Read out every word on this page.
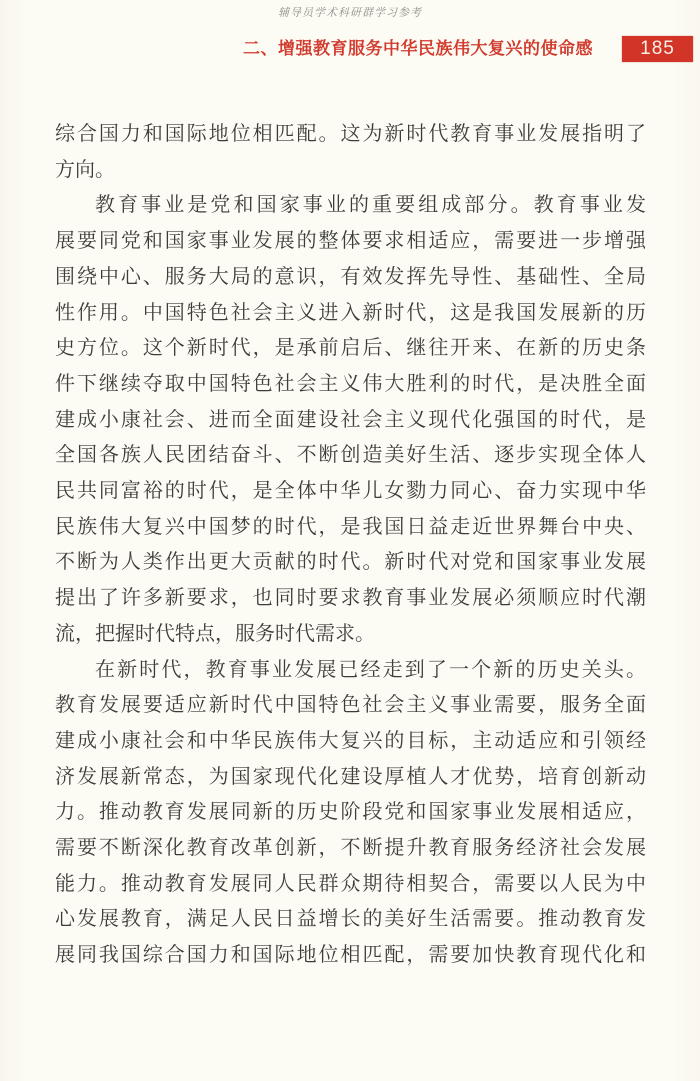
辅导员学术科研群学习参考
二、增强教育服务中华民族伟大复兴的使命感 185
综合国力和国际地位相匹配。这为新时代教育事业发展指明了
方向。
教育事业是党和国家事业的重要组成部分。教育事业发
展要同党和国家事业发展的整体要求相适应，需要进一步增强
围绕中心、服务大局的意识，有效发挥先导性、基础性、全局
性作用。中国特色社会主义进入新时代，这是我国发展新的历
史方位。这个新时代，是承前启后、继往开来、在新的历史条
件下继续夺取中国特色社会主义伟大胜利的时代，是决胜全面
建成小康社会、进而全面建设社会主义现代化强国的时代，是
全国各族人民团结奋斗、不断创造美好生活、逐步实现全体人
民共同富裕的时代，是全体中华儿女勠力同心、奋力实现中华
民族伟大复兴中国梦的时代，是我国日益走近世界舞台中央、
不断为人类作出更大贡献的时代。新时代对党和国家事业发展
提出了许多新要求，也同时要求教育事业发展必须顺应时代潮
流，把握时代特点，服务时代需求。
在新时代，教育事业发展已经走到了一个新的历史关头。
教育发展要适应新时代中国特色社会主义事业需要，服务全面
建成小康社会和中华民族伟大复兴的目标，主动适应和引领经
济发展新常态，为国家现代化建设厚植人才优势，培育创新动
力。推动教育发展同新的历史阶段党和国家事业发展相适应，
需要不断深化教育改革创新，不断提升教育服务经济社会发展
能力。推动教育发展同人民群众期待相契合，需要以人民为中
心发展教育，满足人民日益增长的美好生活需要。推动教育发
展同我国综合国力和国际地位相匹配，需要加快教育现代化和
